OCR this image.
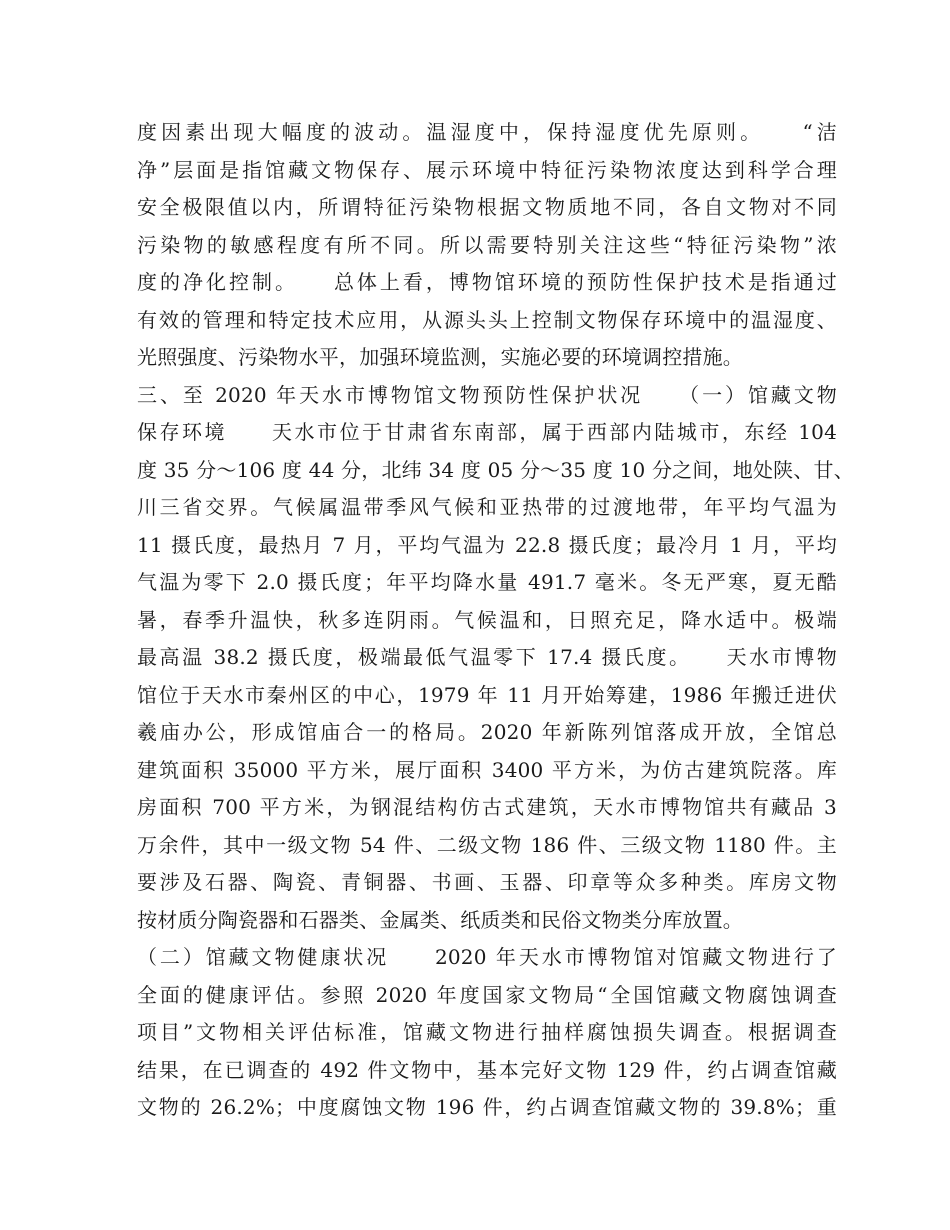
度因素出现大幅度的波动。温湿度中，保持湿度优先原则。　　“洁
净”层面是指馆藏文物保存、展示环境中特征污染物浓度达到科学合理
安全极限值以内，所谓特征污染物根据文物质地不同，各自文物对不同
污染物的敏感程度有所不同。所以需要特别关注这些“特征污染物”浓
度的净化控制。　　总体上看，博物馆环境的预防性保护技术是指通过
有效的管理和特定技术应用，从源头头上控制文物保存环境中的温湿度、
光照强度、污染物水平，加强环境监测，实施必要的环境调控措施。
三、至 2020 年天水市博物馆文物预防性保护状况　　（一）馆藏文物
保存环境　　天水市位于甘肃省东南部，属于西部内陆城市，东经 104
度 35 分～106 度 44 分，北纬 34 度 05 分～35 度 10 分之间，地处陕、甘、
川三省交界。气候属温带季风气候和亚热带的过渡地带，年平均气温为
11 摄氏度，最热月 7 月，平均气温为 22.8 摄氏度；最冷月 1 月，平均
气温为零下 2.0 摄氏度；年平均降水量 491.7 毫米。冬无严寒，夏无酷
暑，春季升温快，秋多连阴雨。气候温和，日照充足，降水适中。极端
最高温 38.2 摄氏度，极端最低气温零下 17.4 摄氏度。　　天水市博物
馆位于天水市秦州区的中心，1979 年 11 月开始筹建，1986 年搬迁进伏
羲庙办公，形成馆庙合一的格局。2020 年新陈列馆落成开放，全馆总
建筑面积 35000 平方米，展厅面积 3400 平方米，为仿古建筑院落。库
房面积 700 平方米，为钢混结构仿古式建筑，天水市博物馆共有藏品 3
万余件，其中一级文物 54 件、二级文物 186 件、三级文物 1180 件。主
要涉及石器、陶瓷、青铜器、书画、玉器、印章等众多种类。库房文物
按材质分陶瓷器和石器类、金属类、纸质类和民俗文物类分库放置。
（二）馆藏文物健康状况　　2020 年天水市博物馆对馆藏文物进行了
全面的健康评估。参照 2020 年度国家文物局“全国馆藏文物腐蚀调查
项目”文物相关评估标准，馆藏文物进行抽样腐蚀损失调查。根据调查
结果，在已调查的 492 件文物中，基本完好文物 129 件，约占调查馆藏
文物的 26.2%；中度腐蚀文物 196 件，约占调查馆藏文物的 39.8%；重
